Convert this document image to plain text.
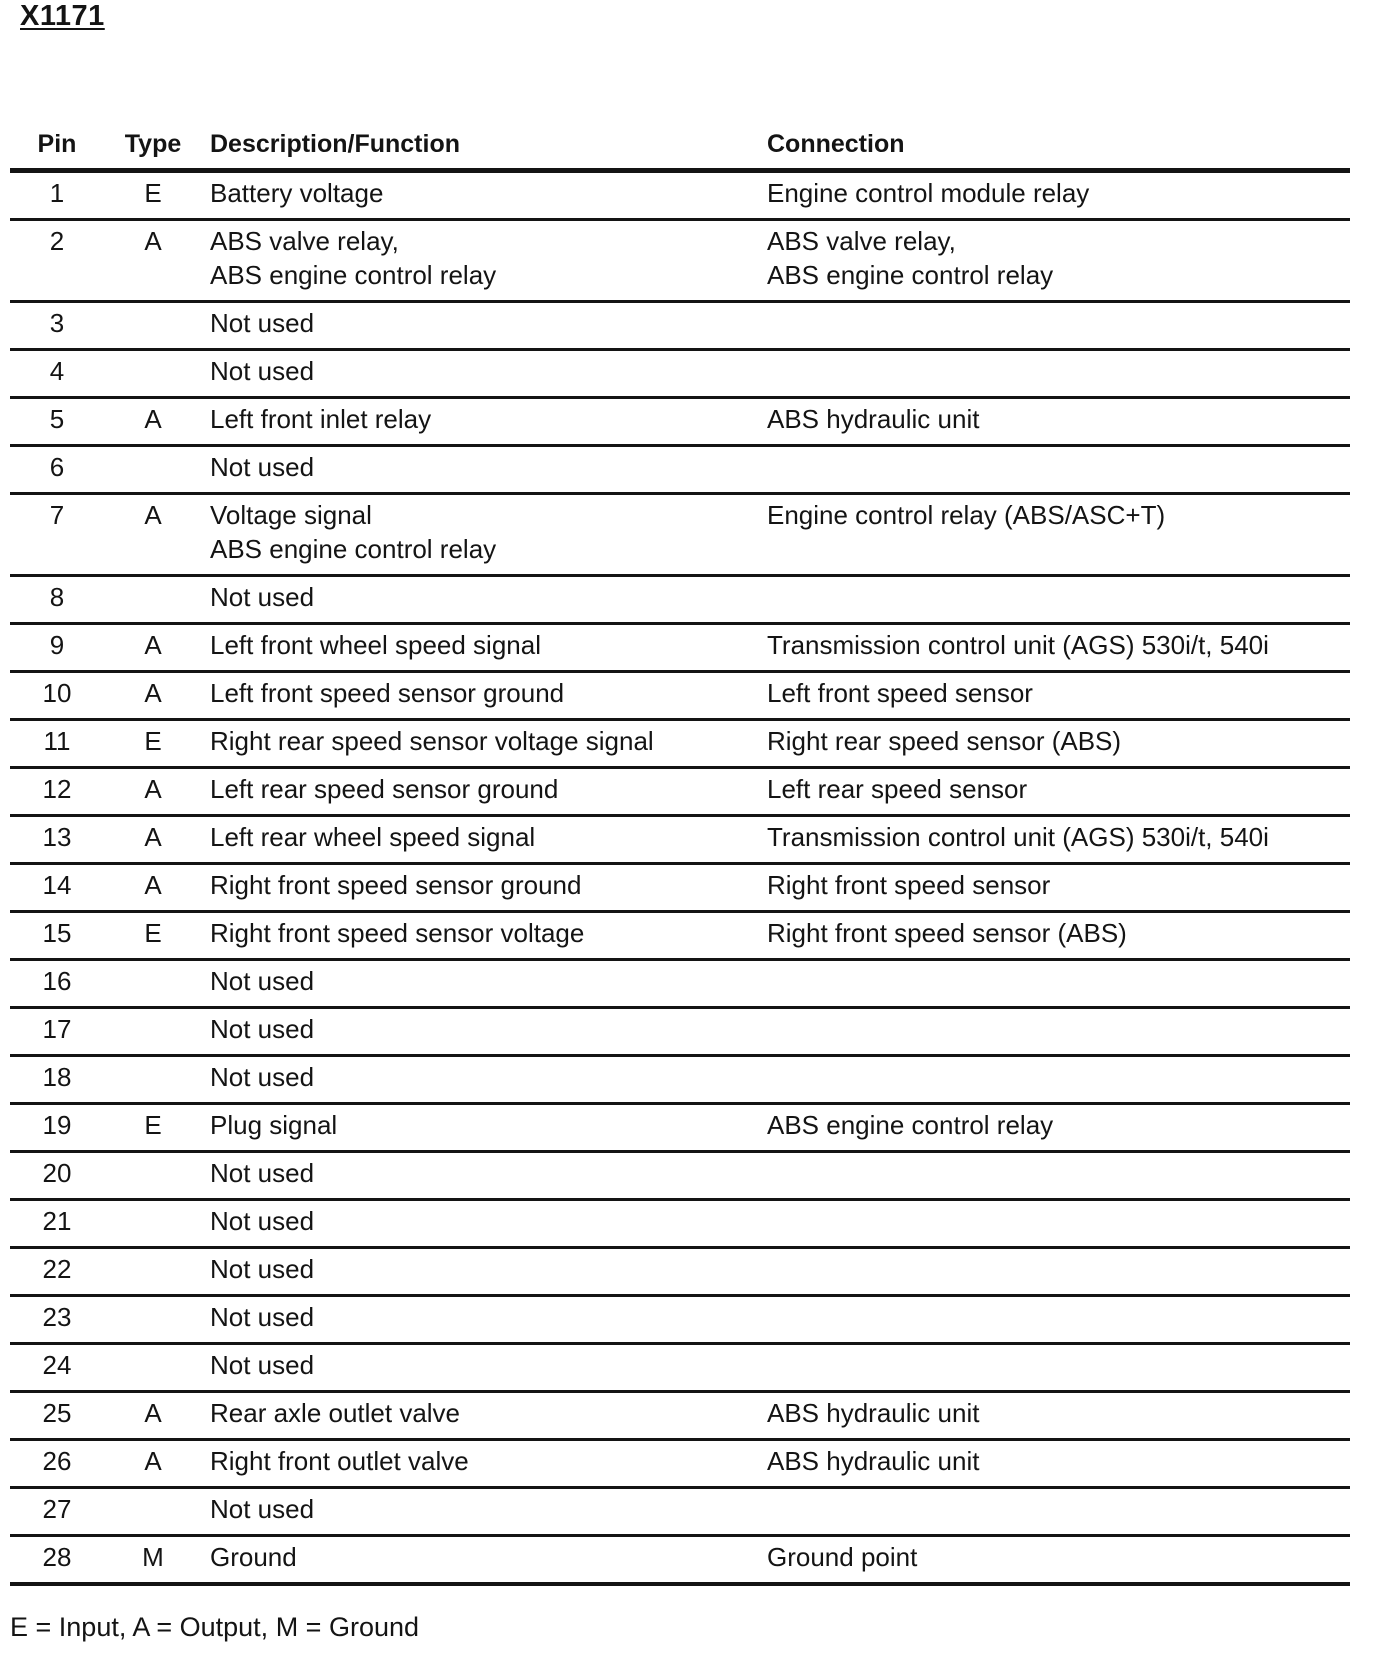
X1171
Pin	Type	Description/Function	Connection
1	E	Battery voltage	Engine control module relay

2	A	ABS valve relay,
ABS engine control relay	ABS valve relay,
ABS engine control relay

3		Not used	

4		Not used	

5	A	Left front inlet relay	ABS hydraulic unit

6		Not used	

7	A	Voltage signal
ABS engine control relay	Engine control relay (ABS/ASC+T)

8		Not used	

9	A	Left front wheel speed signal	Transmission control unit (AGS) 530i/t, 540i

10	A	Left front speed sensor ground	Left front speed sensor

11	E	Right rear speed sensor voltage signal	Right rear speed sensor (ABS)

12	A	Left rear speed sensor ground	Left rear speed sensor

13	A	Left rear wheel speed signal	Transmission control unit (AGS) 530i/t, 540i

14	A	Right front speed sensor ground	Right front speed sensor

15	E	Right front speed sensor voltage	Right front speed sensor (ABS)

16		Not used	

17		Not used	

18		Not used	

19	E	Plug signal	ABS engine control relay

20		Not used	

21		Not used	

22		Not used	

23		Not used	

24		Not used	

25	A	Rear axle outlet valve	ABS hydraulic unit

26	A	Right front outlet valve	ABS hydraulic unit

27		Not used	

28	M	Ground	Ground point
E = Input, A = Output, M = Ground
